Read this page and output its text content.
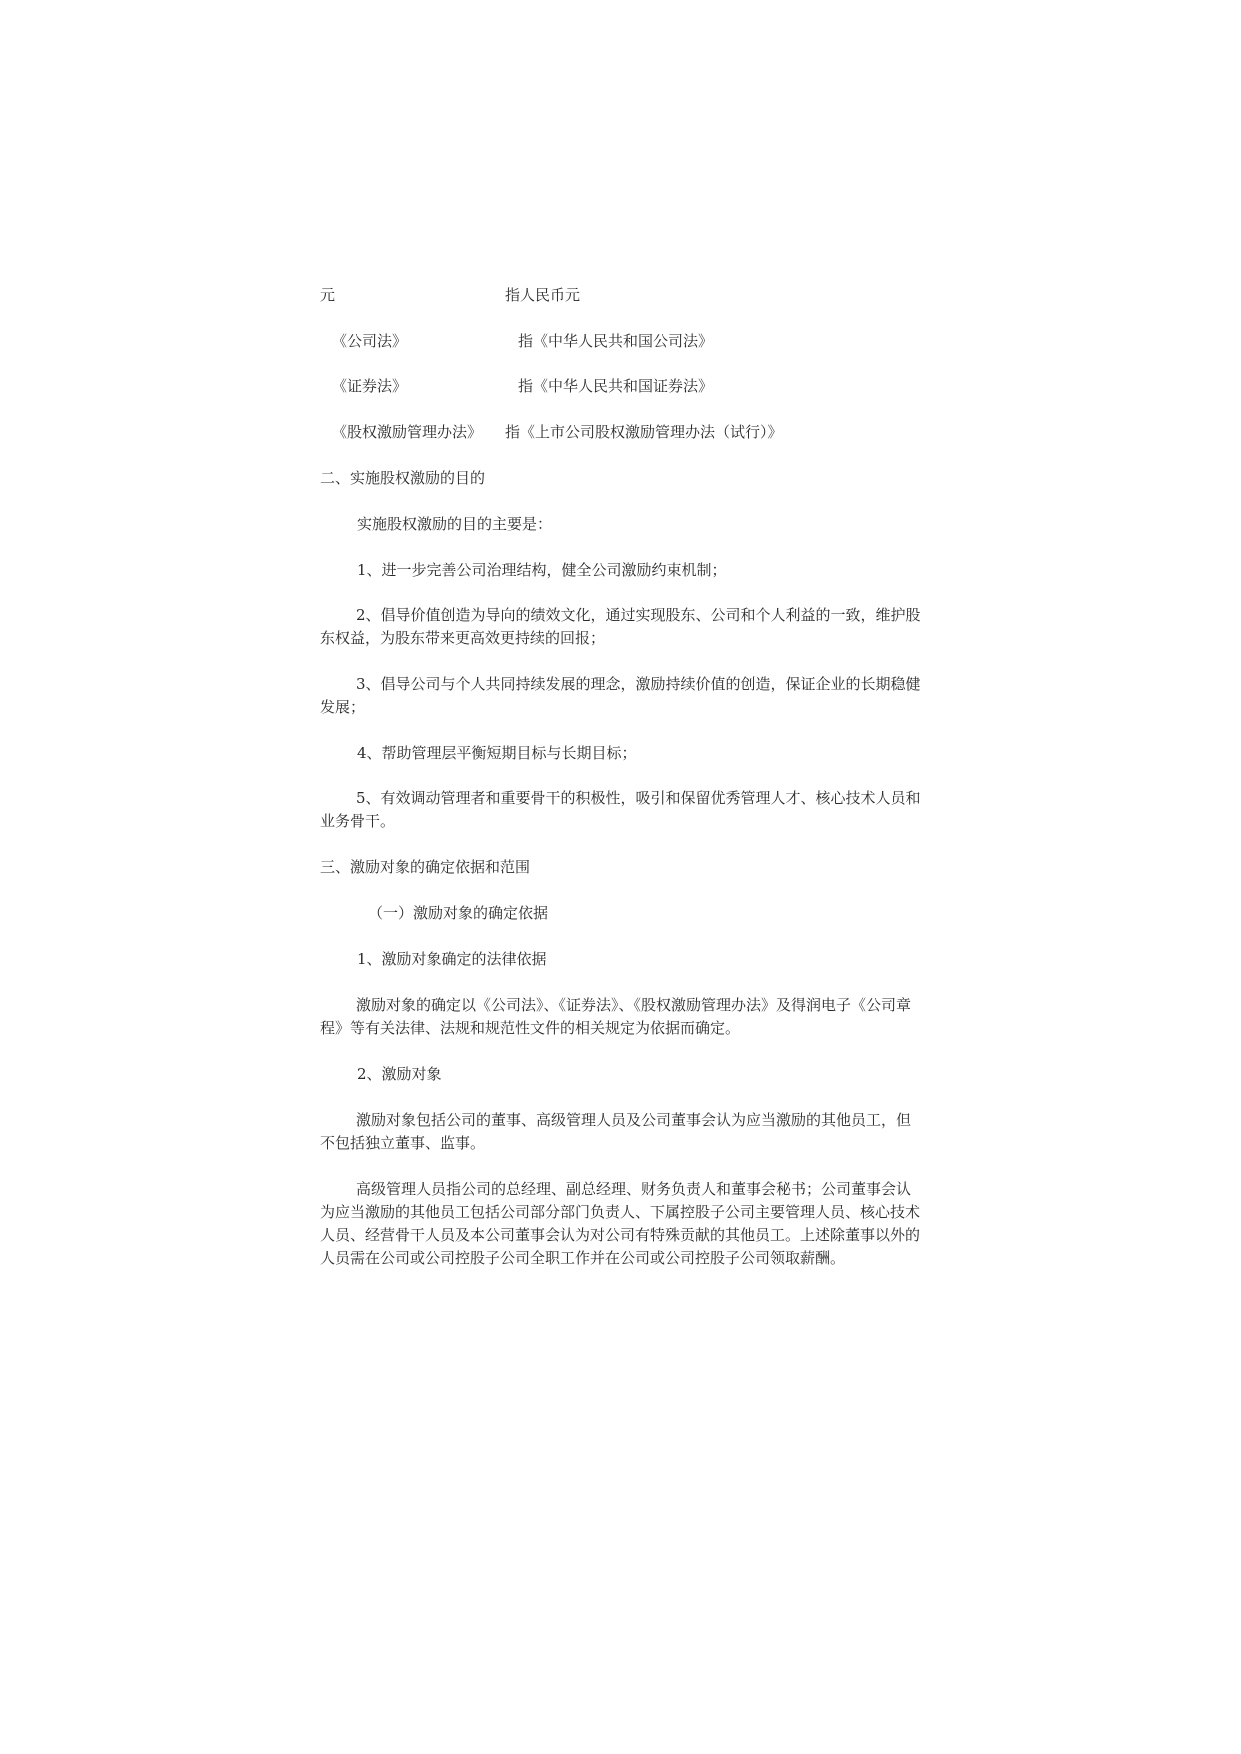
元	指人民币元
《公司法》	指《中华人民共和国公司法》
《证券法》	指《中华人民共和国证券法》
《股权激励管理办法》 指《上市公司股权激励管理办法（试行）》
二、实施股权激励的目的
实施股权激励的目的主要是：
1、进一步完善公司治理结构，健全公司激励约束机制；
2、倡导价值创造为导向的绩效文化，通过实现股东、公司和个人利益的一致，维护股东权益，为股东带来更高效更持续的回报；
3、倡导公司与个人共同持续发展的理念，激励持续价值的创造，保证企业的长期稳健发展；
4、帮助管理层平衡短期目标与长期目标；
5、有效调动管理者和重要骨干的积极性，吸引和保留优秀管理人才、核心技术人员和业务骨干。
三、激励对象的确定依据和范围
（一）激励对象的确定依据
1、激励对象确定的法律依据
激励对象的确定以《公司法》、《证券法》、《股权激励管理办法》及得润电子《公司章程》等有关法律、法规和规范性文件的相关规定为依据而确定。
2、激励对象
激励对象包括公司的董事、高级管理人员及公司董事会认为应当激励的其他员工，但不包括独立董事、监事。
高级管理人员指公司的总经理、副总经理、财务负责人和董事会秘书；公司董事会认为应当激励的其他员工包括公司部分部门负责人、下属控股子公司主要管理人员、核心技术人员、经营骨干人员及本公司董事会认为对公司有特殊贡献的其他员工。上述除董事以外的人员需在公司或公司控股子公司全职工作并在公司或公司控股子公司领取薪酬。
